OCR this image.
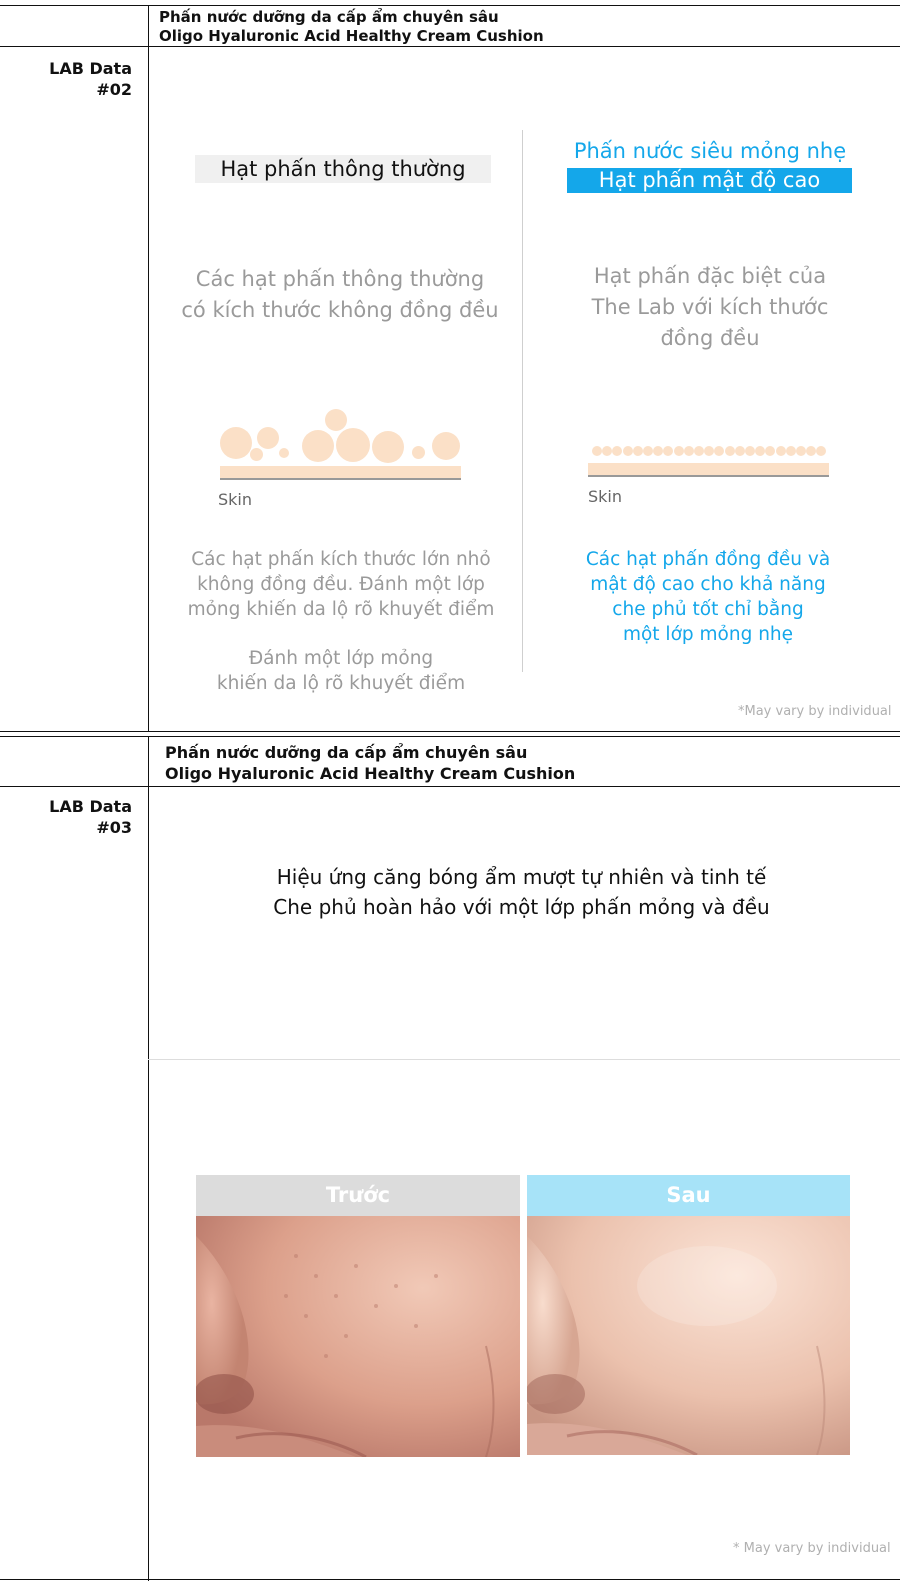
Phấn nước dưỡng da cấp ẩm chuyên sâu
Oligo Hyaluronic Acid Healthy Cream Cushion
LAB Data
#02
Hạt phấn thông thường
Phấn nước siêu mỏng nhẹ
Hạt phấn mật độ cao
Các hạt phấn thông thường
có kích thước không đồng đều
Hạt phấn đặc biệt của
The Lab với kích thước
đồng đều
Skin	Skin
Các hạt phấn kích thước lớn nhỏ
không đồng đều. Đánh một lớp
mỏng khiến da lộ rõ khuyết điểm
Đánh một lớp mỏng
khiến da lộ rõ khuyết điểm
Các hạt phấn đồng đều và
mật độ cao cho khả năng
che phủ tốt chỉ bằng
một lớp mỏng nhẹ
*May vary by individual
Phấn nước dưỡng da cấp ẩm chuyên sâu
Oligo Hyaluronic Acid Healthy Cream Cushion
LAB Data
#03
Hiệu ứng căng bóng ẩm mượt tự nhiên và tinh tế
Che phủ hoàn hảo với một lớp phấn mỏng và đều
Trước	Sau
* May vary by individual
